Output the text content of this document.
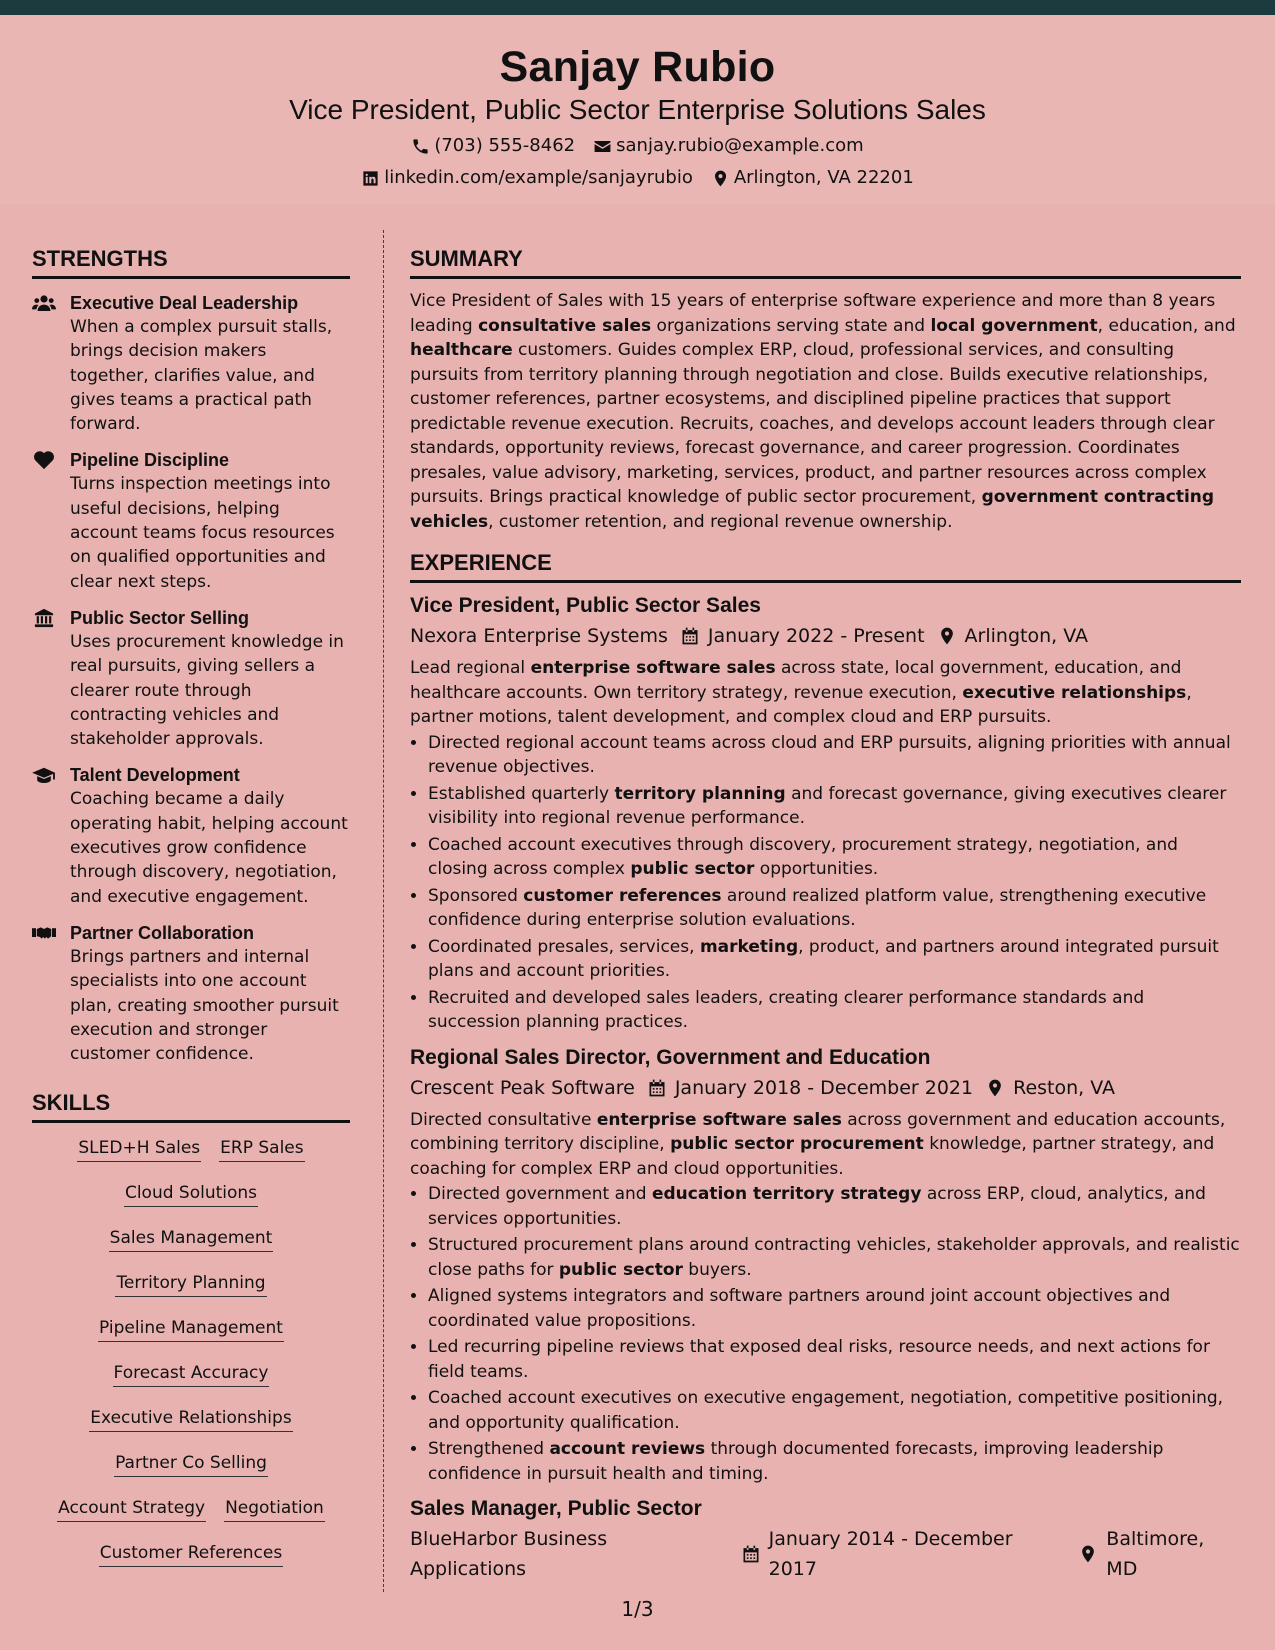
Sanjay Rubio
Vice President, Public Sector Enterprise Solutions Sales
(703) 555-8462 sanjay.rubio@example.com
linkedin.com/example/sanjayrubio Arlington, VA 22201
STRENGTHS
Executive Deal Leadership
When a complex pursuit stalls, brings decision makers together, clarifies value, and gives teams a practical path forward.
Pipeline Discipline
Turns inspection meetings into useful decisions, helping account teams focus resources on qualified opportunities and clear next steps.
Public Sector Selling
Uses procurement knowledge in real pursuits, giving sellers a clearer route through contracting vehicles and stakeholder approvals.
Talent Development
Coaching became a daily operating habit, helping account executives grow confidence through discovery, negotiation, and executive engagement.
Partner Collaboration
Brings partners and internal specialists into one account plan, creating smoother pursuit execution and stronger customer confidence.
SKILLS
SLED+H Sales ERP Sales
Cloud Solutions
Sales Management
Territory Planning
Pipeline Management
Forecast Accuracy
Executive Relationships
Partner Co Selling
Account Strategy Negotiation
Customer References
SUMMARY

Vice President of Sales with 15 years of enterprise software experience and more than 8 years leading consultative sales organizations serving state and local government, education, and healthcare customers. Guides complex ERP, cloud, professional services, and consulting pursuits from territory planning through negotiation and close. Builds executive relationships, customer references, partner ecosystems, and disciplined pipeline practices that support predictable revenue execution. Recruits, coaches, and develops account leaders through clear standards, opportunity reviews, forecast governance, and career progression. Coordinates presales, value advisory, marketing, services, product, and partner resources across complex pursuits. Brings practical knowledge of public sector procurement, government contracting vehicles, customer retention, and regional revenue ownership.

EXPERIENCE
Vice President, Public Sector Sales
Nexora Enterprise Systems January 2022 - Present Arlington, VA
Lead regional enterprise software sales across state, local government, education, and healthcare accounts. Own territory strategy, revenue execution, executive relationships, partner motions, talent development, and complex cloud and ERP pursuits.
• Directed regional account teams across cloud and ERP pursuits, aligning priorities with annual revenue objectives.
• Established quarterly territory planning and forecast governance, giving executives clearer visibility into regional revenue performance.
• Coached account executives through discovery, procurement strategy, negotiation, and closing across complex public sector opportunities.
• Sponsored customer references around realized platform value, strengthening executive confidence during enterprise solution evaluations.
• Coordinated presales, services, marketing, product, and partners around integrated pursuit plans and account priorities.
• Recruited and developed sales leaders, creating clearer performance standards and succession planning practices.
Regional Sales Director, Government and Education
Crescent Peak Software January 2018 - December 2021 Reston, VA
Directed consultative enterprise software sales across government and education accounts, combining territory discipline, public sector procurement knowledge, partner strategy, and coaching for complex ERP and cloud opportunities.
• Directed government and education territory strategy across ERP, cloud, analytics, and services opportunities.
• Structured procurement plans around contracting vehicles, stakeholder approvals, and realistic close paths for public sector buyers.
• Aligned systems integrators and software partners around joint account objectives and coordinated value propositions.
• Led recurring pipeline reviews that exposed deal risks, resource needs, and next actions for field teams.
• Coached account executives on executive engagement, negotiation, competitive positioning, and opportunity qualification.
• Strengthened account reviews through documented forecasts, improving leadership confidence in pursuit health and timing.
Sales Manager, Public Sector
BlueHarbor Business Applications
January 2014 - December 2017
Baltimore, MD
1/3
